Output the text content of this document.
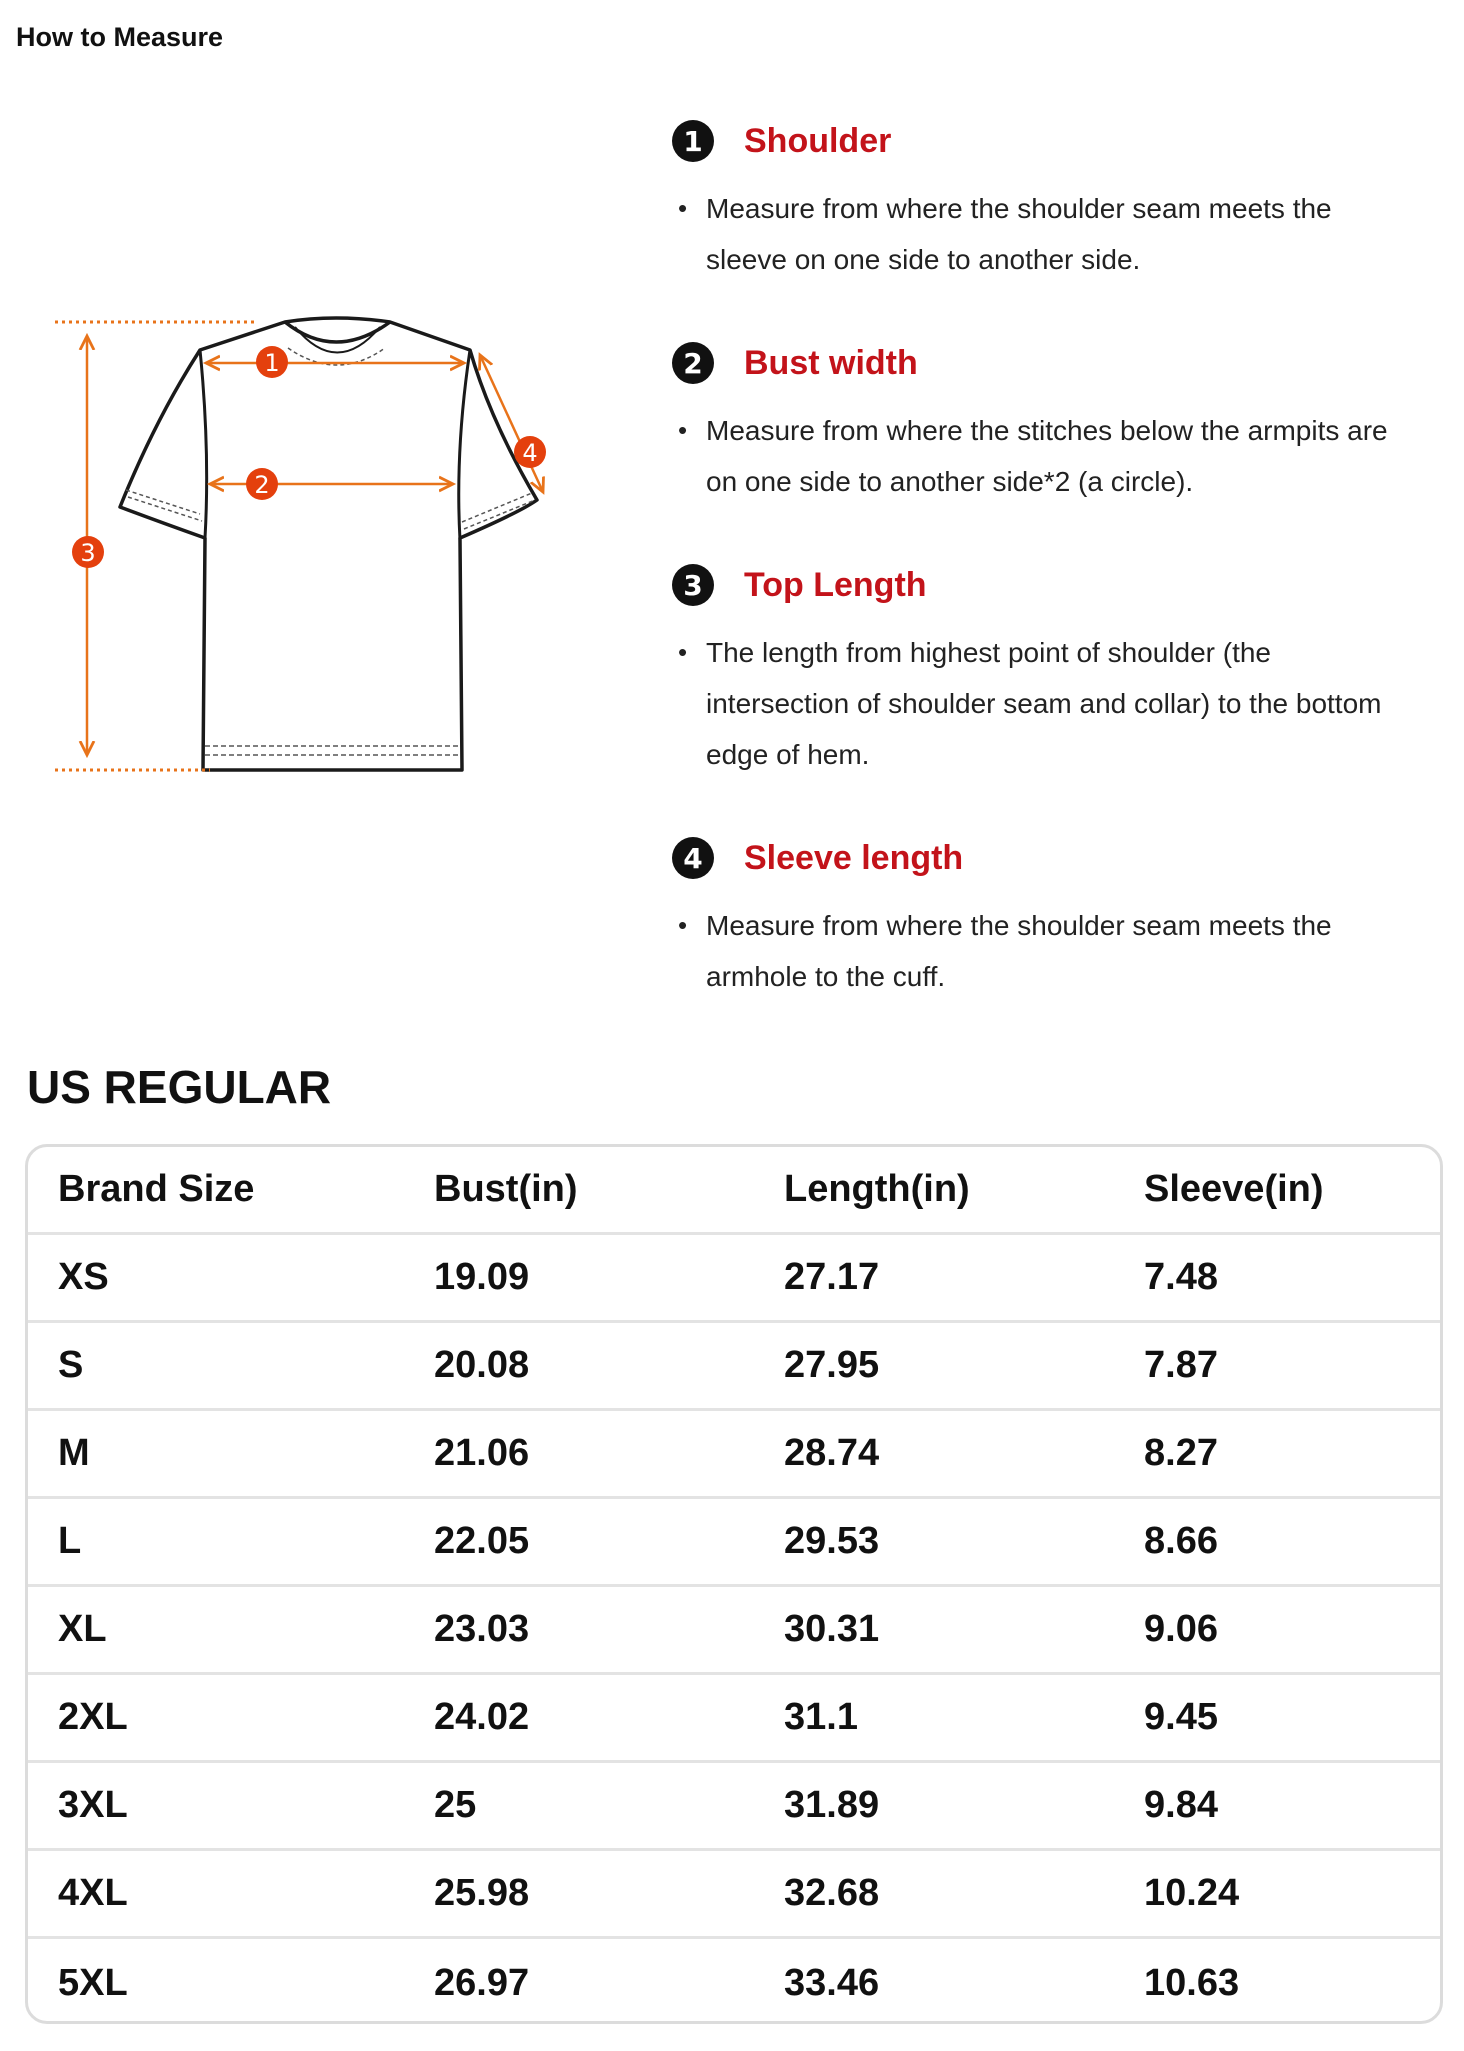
How to Measure
1
2
3
4
1	Shoulder
• Measure from where the shoulder seam meets the
sleeve on one side to another side.
2	Bust width
• Measure from where the stitches below the armpits are
on one side to another side*2 (a circle).
3	Top Length
• The length from highest point of shoulder (the
intersection of shoulder seam and collar) to the bottom
edge of hem.
4	Sleeve length
• Measure from where the shoulder seam meets the
armhole to the cuff.
US REGULAR
Brand Size	Bust(in)	Length(in)	Sleeve(in)
XS	19.09	27.17	7.48
S	20.08	27.95	7.87
M	21.06	28.74	8.27
L	22.05	29.53	8.66
XL	23.03	30.31	9.06
2XL	24.02	31.1	9.45
3XL	25	31.89	9.84
4XL	25.98	32.68	10.24
5XL	26.97	33.46	10.63
